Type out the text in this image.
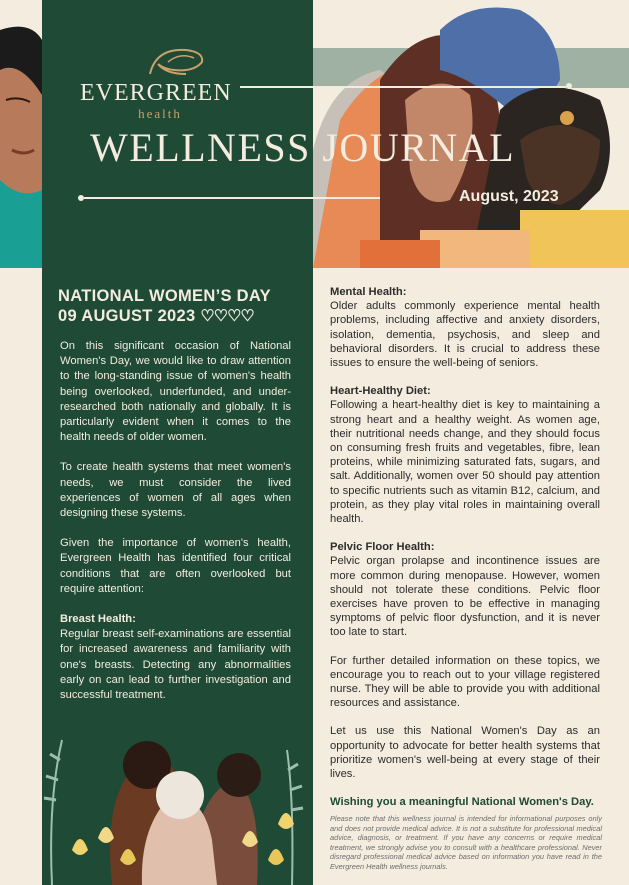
EVERGREEN
health
WELLNESS JOURNAL
August, 2023
NATIONAL WOMEN’S DAY
09 AUGUST 2023 ♡♡♡♡

On this significant occasion of National Women's Day, we would like to draw attention to the long-standing issue of women's health being overlooked, underfunded, and under-researched both nationally and globally. It is particularly evident when it comes to the health needs of older women.

To create health systems that meet women's needs, we must consider the lived experiences of women of all ages when designing these systems.

Given the importance of women's health, Evergreen Health has identified four critical conditions that are often overlooked but require attention:

Breast Health:

Regular breast self-examinations are essential for increased awareness and familiarity with one's breasts. Detecting any abnormalities early on can lead to further investigation and successful treatment.

Mental Health:

Older adults commonly experience mental health problems, including affective and anxiety disorders, isolation, dementia, psychosis, and sleep and behavioral disorders. It is crucial to address these issues to ensure the well-being of seniors.

Heart-Healthy Diet:

Following a heart-healthy diet is key to maintaining a strong heart and a healthy weight. As women age, their nutritional needs change, and they should focus on consuming fresh fruits and vegetables, fibre, lean proteins, while minimizing saturated fats, sugars, and salt. Additionally, women over 50 should pay attention to specific nutrients such as vitamin B12, calcium, and protein, as they play vital roles in maintaining overall health.

Pelvic Floor Health:

Pelvic organ prolapse and incontinence issues are more common during menopause. However, women should not tolerate these conditions. Pelvic floor exercises have proven to be effective in managing symptoms of pelvic floor dysfunction, and it is never too late to start.

For further detailed information on these topics, we encourage you to reach out to your village registered nurse. They will be able to provide you with additional resources and assistance.

Let us use this National Women's Day as an opportunity to advocate for better health systems that prioritize women's well-being at every stage of their lives.

Wishing you a meaningful National Women's Day.

Please note that this wellness journal is intended for informational purposes only and does not provide medical advice. It is not a substitute for professional medical advice, diagnosis, or treatment. If you have any concerns or require medical treatment, we strongly advise you to consult with a healthcare professional. Never disregard professional medical advice based on information you have read in the Evergreen Health wellness journals.
